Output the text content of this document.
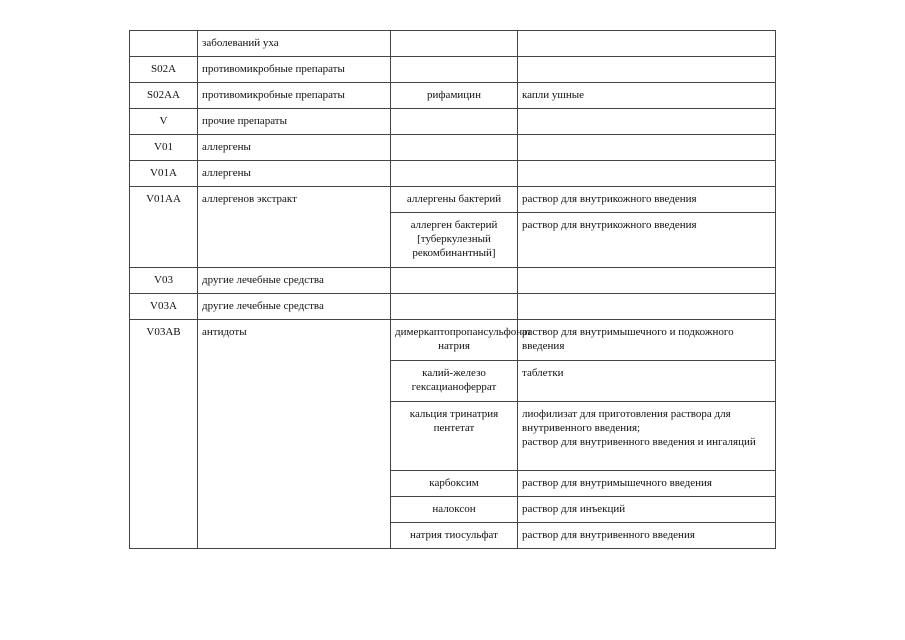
	заболеваний уха		
S02A	противомикробные препараты		
S02AA	противомикробные препараты	рифамицин	капли ушные
V	прочие препараты		
V01	аллергены		
V01A	аллергены		
V01AA	аллергенов экстракт	аллергены бактерий	раствор для внутрикожного введения
		аллерген бактерий [туберкулезный рекомбинантный]	раствор для внутрикожного введения
V03	другие лечебные средства		
V03A	другие лечебные средства		
V03AB	антидоты	димеркаптопропансульфонат натрия	раствор для внутримышечного и подкожного введения
		калий-железо гексацианоферрат	таблетки
		кальция тринатрия пентетат	лиофилизат для приготовления раствора для внутривенного введения;
раствор для внутривенного введения и ингаляций

		карбоксим	раствор для внутримышечного введения
		налоксон	раствор для инъекций
		натрия тиосульфат	раствор для внутривенного введения
